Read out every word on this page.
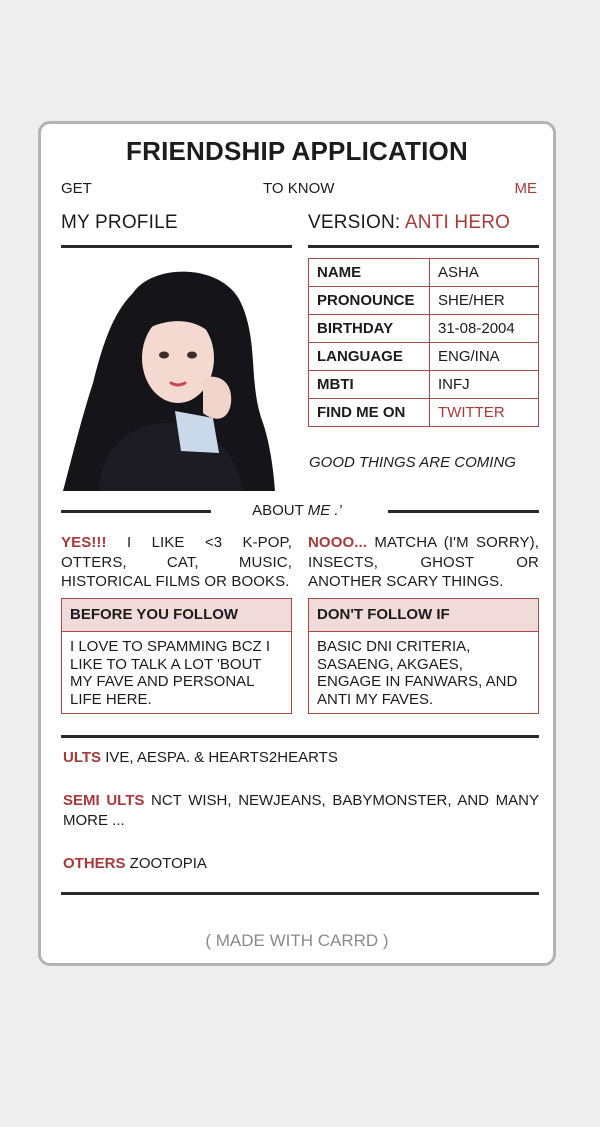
FRIENDSHIP APPLICATION
GET	TO KNOW	ME
MY PROFILE	VERSION: ANTI HERO
NAME	ASHA
PRONOUNCE	SHE/HER
BIRTHDAY	31-08-2004
LANGUAGE	ENG/INA
MBTI	INFJ
FIND ME ON	TWITTER
GOOD THINGS ARE COMING
ABOUT ME .’
YES!!! I LIKE <3 K-POP, OTTERS, CAT, MUSIC, HISTORICAL FILMS OR BOOKS.
NOOO... MATCHA (I'M SORRY), INSECTS, GHOST OR ANOTHER SCARY THINGS.
BEFORE YOU FOLLOW
I LOVE TO SPAMMING BCZ I LIKE TO TALK A LOT 'BOUT MY FAVE AND PERSONAL LIFE HERE.
DON'T FOLLOW IF
BASIC DNI CRITERIA, SASAENG, AKGAES, ENGAGE IN FANWARS, AND ANTI MY FAVES.
ULTS IVE, AESPA. & HEARTS2HEARTS
SEMI ULTS NCT WISH, NEWJEANS, BABYMONSTER, AND MANY MORE ...
OTHERS ZOOTOPIA
( MADE WITH CARRD )
